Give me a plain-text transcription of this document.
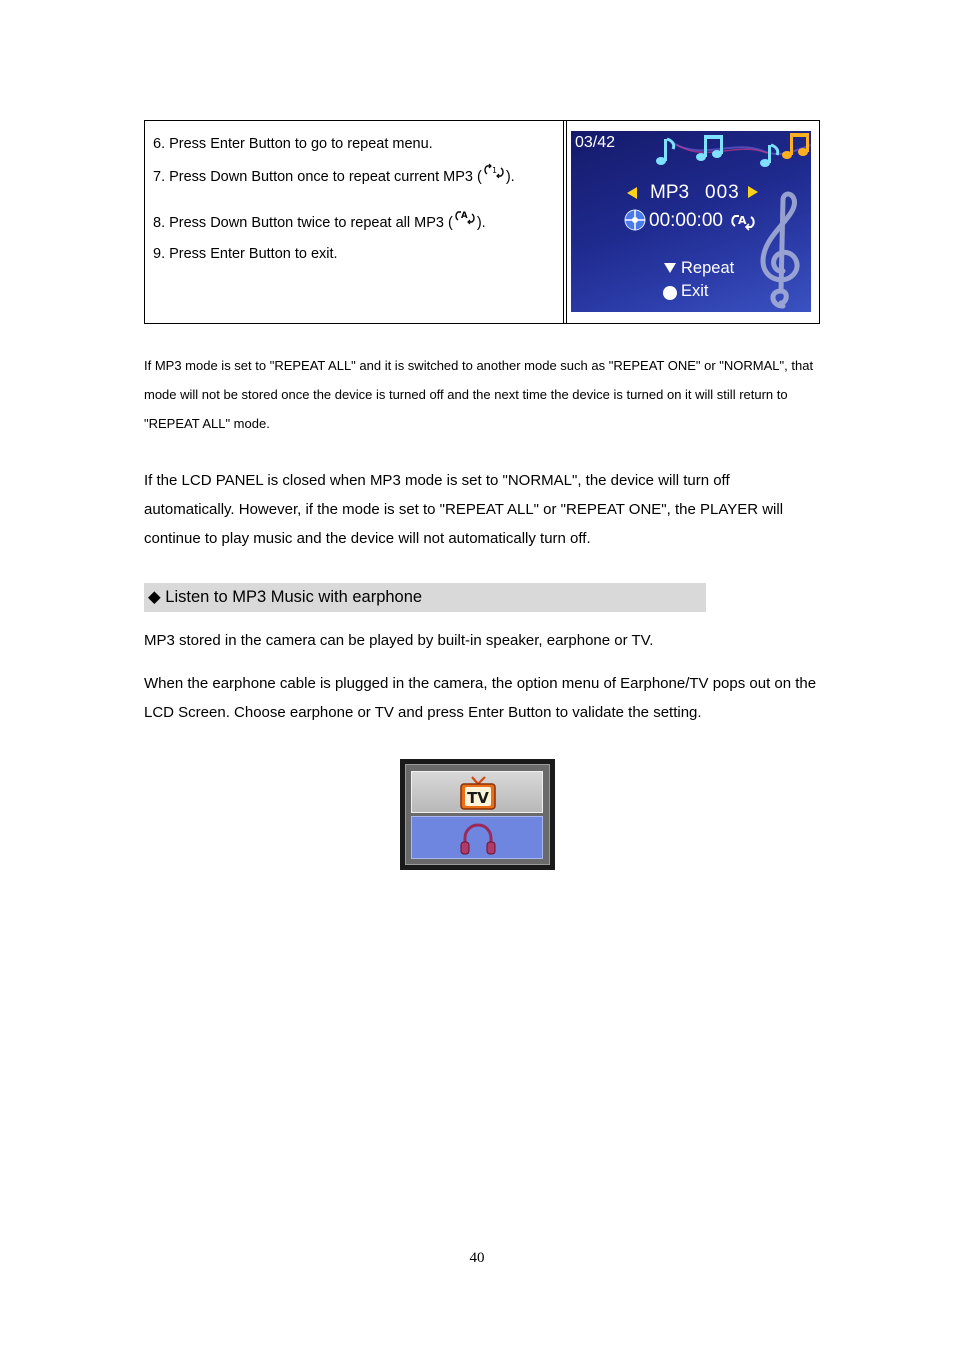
6. Press Enter Button to go to repeat menu.
7. Press Down Button once to repeat current MP3 ( 1 ).
8. Press Down Button twice to repeat all MP3 ( A ).
9. Press Enter Button to exit.
03/42
MP3 003
00:00:00 A
Repeat
Exit
If MP3 mode is set to "REPEAT ALL" and it is switched to another mode such as "REPEAT ONE" or "NORMAL", that mode will not be stored once the device is turned off and the next time the device is turned on it will still return to "REPEAT ALL" mode.
If the LCD PANEL is closed when MP3 mode is set to "NORMAL", the device will turn off automatically. However, if the mode is set to "REPEAT ALL" or "REPEAT ONE", the PLAYER will continue to play music and the device will not automatically turn off.
◆ Listen to MP3 Music with earphone
MP3 stored in the camera can be played by built-in speaker, earphone or TV.
When the earphone cable is plugged in the camera, the option menu of Earphone/TV pops out on the LCD Screen. Choose earphone or TV and press Enter Button to validate the setting.
TV
40
